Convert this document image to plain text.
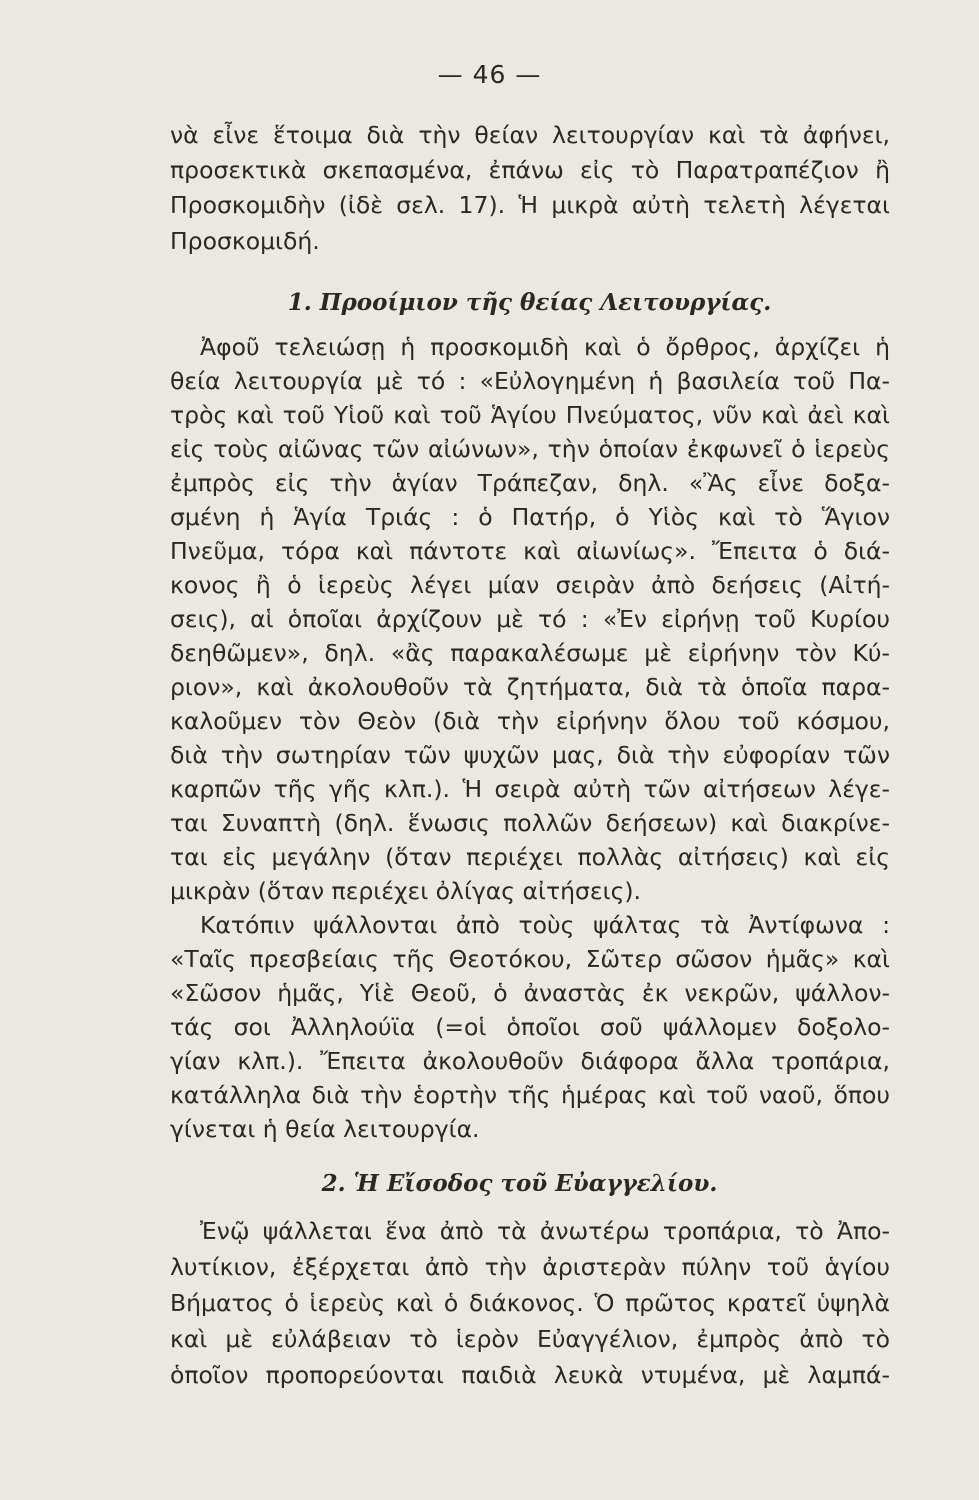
— 46 —
νὰ εἶνε ἕτοιμα διὰ τὴν θείαν λειτουργίαν καὶ τὰ ἀφήνει,
προσεκτικὰ σκεπασμένα, ἐπάνω εἰς τὸ Παρατραπέζιον ἢ
Προσκομιδὴν (ἰδὲ σελ. 17). Ἡ μικρὰ αὐτὴ τελετὴ λέγεται
Προσκομιδή.
1. Προοίμιον τῆς θείας Λειτουργίας.
Ἀφοῦ τελειώσῃ ἡ προσκομιδὴ καὶ ὁ ὄρθρος, ἀρχίζει ἡ
θεία λειτουργία μὲ τό : «Εὐλογημένη ἡ βασιλεία τοῦ Πα-
τρὸς καὶ τοῦ Υἱοῦ καὶ τοῦ Ἁγίου Πνεύματος, νῦν καὶ ἀεὶ καὶ
εἰς τοὺς αἰῶνας τῶν αἰώνων», τὴν ὁποίαν ἐκφωνεῖ ὁ ἱερεὺς
ἐμπρὸς εἰς τὴν ἁγίαν Τράπεζαν, δηλ. «Ἂς εἶνε δοξα-
σμένη ἡ Ἁγία Τριάς : ὁ Πατήρ, ὁ Υἱὸς καὶ τὸ Ἅγιον
Πνεῦμα, τόρα καὶ πάντοτε καὶ αἰωνίως». Ἔπειτα ὁ διά-
κονος ἢ ὁ ἱερεὺς λέγει μίαν σειρὰν ἀπὸ δεήσεις (Αἰτή-
σεις), αἱ ὁποῖαι ἀρχίζουν μὲ τό : «Ἐν εἰρήνῃ τοῦ Κυρίου
δεηθῶμεν», δηλ. «ἂς παρακαλέσωμε μὲ εἰρήνην τὸν Κύ-
ριον», καὶ ἀκολουθοῦν τὰ ζητήματα, διὰ τὰ ὁποῖα παρα-
καλοῦμεν τὸν Θεὸν (διὰ τὴν εἰρήνην ὅλου τοῦ κόσμου,
διὰ τὴν σωτηρίαν τῶν ψυχῶν μας, διὰ τὴν εὐφορίαν τῶν
καρπῶν τῆς γῆς κλπ.). Ἡ σειρὰ αὐτὴ τῶν αἰτήσεων λέγε-
ται Συναπτὴ (δηλ. ἕνωσις πολλῶν δεήσεων) καὶ διακρίνε-
ται εἰς μεγάλην (ὅταν περιέχει πολλὰς αἰτήσεις) καὶ εἰς
μικρὰν (ὅταν περιέχει ὀλίγας αἰτήσεις).
Κατόπιν ψάλλονται ἀπὸ τοὺς ψάλτας τὰ Ἀντίφωνα :
«Ταῖς πρεσβείαις τῆς Θεοτόκου, Σῶτερ σῶσον ἡμᾶς» καὶ
«Σῶσον ἡμᾶς, Υἱὲ Θεοῦ, ὁ ἀναστὰς ἐκ νεκρῶν, ψάλλον-
τάς σοι Ἀλληλούϊα (=οἱ ὁποῖοι σοῦ ψάλλομεν δοξολο-
γίαν κλπ.). Ἔπειτα ἀκολουθοῦν διάφορα ἄλλα τροπάρια,
κατάλληλα διὰ τὴν ἑορτὴν τῆς ἡμέρας καὶ τοῦ ναοῦ, ὅπου
γίνεται ἡ θεία λειτουργία.
2. Ἡ Εἴσοδος τοῦ Εὐαγγελίου.
Ἐνῷ ψάλλεται ἕνα ἀπὸ τὰ ἀνωτέρω τροπάρια, τὸ Ἀπο-
λυτίκιον, ἐξέρχεται ἀπὸ τὴν ἀριστερὰν πύλην τοῦ ἁγίου
Βήματος ὁ ἱερεὺς καὶ ὁ διάκονος. Ὁ πρῶτος κρατεῖ ὑψηλὰ
καὶ μὲ εὐλάβειαν τὸ ἱερὸν Εὐαγγέλιον, ἐμπρὸς ἀπὸ τὸ
ὁποῖον προπορεύονται παιδιὰ λευκὰ ντυμένα, μὲ λαμπά-
